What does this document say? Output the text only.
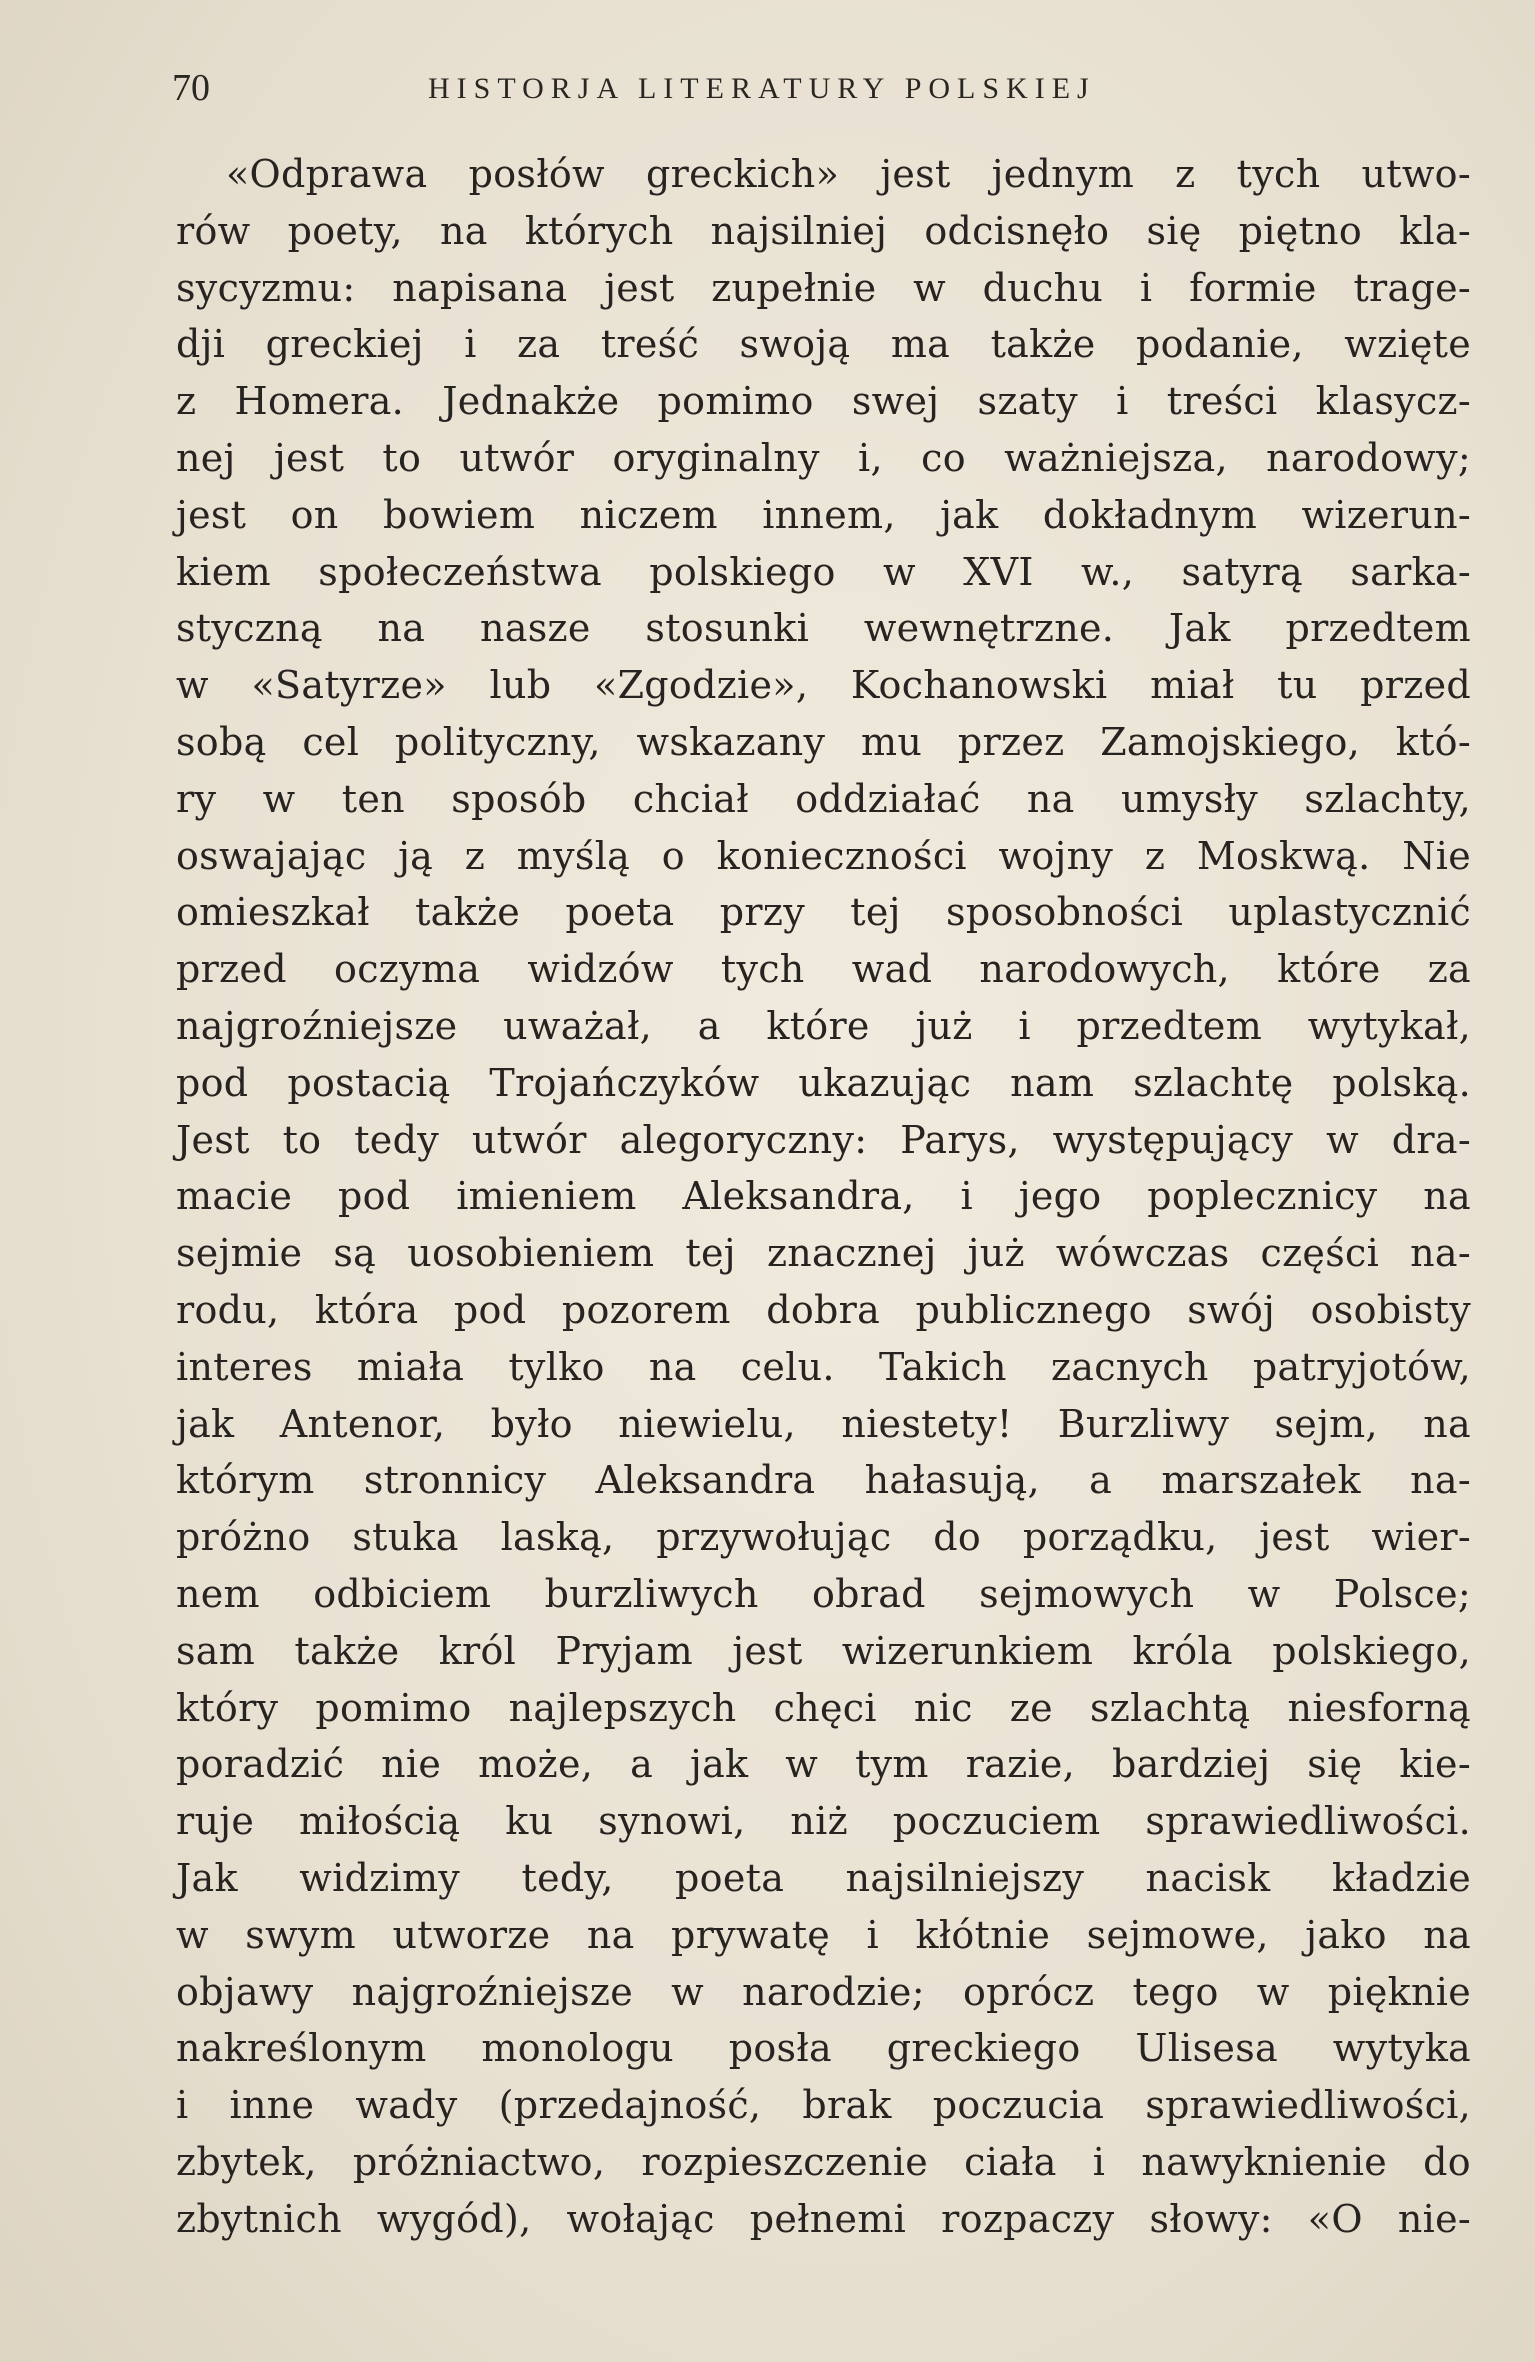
70	HISTORJA LITERATURY POLSKIEJ
«Odprawa posłów greckich» jest jednym z tych utwo-
rów poety, na których najsilniej odcisnęło się piętno kla-
sycyzmu: napisana jest zupełnie w duchu i formie trage-
dji greckiej i za treść swoją ma także podanie, wzięte
z Homera. Jednakże pomimo swej szaty i treści klasycz-
nej jest to utwór oryginalny i, co ważniejsza, narodowy;
jest on bowiem niczem innem, jak dokładnym wizerun-
kiem społeczeństwa polskiego w XVI w., satyrą sarka-
styczną na nasze stosunki wewnętrzne. Jak przedtem
w «Satyrze» lub «Zgodzie», Kochanowski miał tu przed
sobą cel polityczny, wskazany mu przez Zamojskiego, któ-
ry w ten sposób chciał oddziałać na umysły szlachty,
oswajając ją z myślą o konieczności wojny z Moskwą. Nie
omieszkał także poeta przy tej sposobności uplastycznić
przed oczyma widzów tych wad narodowych, które za
najgroźniejsze uważał, a które już i przedtem wytykał,
pod postacią Trojańczyków ukazując nam szlachtę polską.
Jest to tedy utwór alegoryczny: Parys, występujący w dra-
macie pod imieniem Aleksandra, i jego poplecznicy na
sejmie są uosobieniem tej znacznej już wówczas części na-
rodu, która pod pozorem dobra publicznego swój osobisty
interes miała tylko na celu. Takich zacnych patryjotów,
jak Antenor, było niewielu, niestety! Burzliwy sejm, na
którym stronnicy Aleksandra hałasują, a marszałek na-
próżno stuka laską, przywołując do porządku, jest wier-
nem odbiciem burzliwych obrad sejmowych w Polsce;
sam także król Pryjam jest wizerunkiem króla polskiego,
który pomimo najlepszych chęci nic ze szlachtą niesforną
poradzić nie może, a jak w tym razie, bardziej się kie-
ruje miłością ku synowi, niż poczuciem sprawiedliwości.
Jak widzimy tedy, poeta najsilniejszy nacisk kładzie
w swym utworze na prywatę i kłótnie sejmowe, jako na
objawy najgroźniejsze w narodzie; oprócz tego w pięknie
nakreślonym monologu posła greckiego Ulisesa wytyka
i inne wady (przedajność, brak poczucia sprawiedliwości,
zbytek, próżniactwo, rozpieszczenie ciała i nawyknienie do
zbytnich wygód), wołając pełnemi rozpaczy słowy: «O nie-
